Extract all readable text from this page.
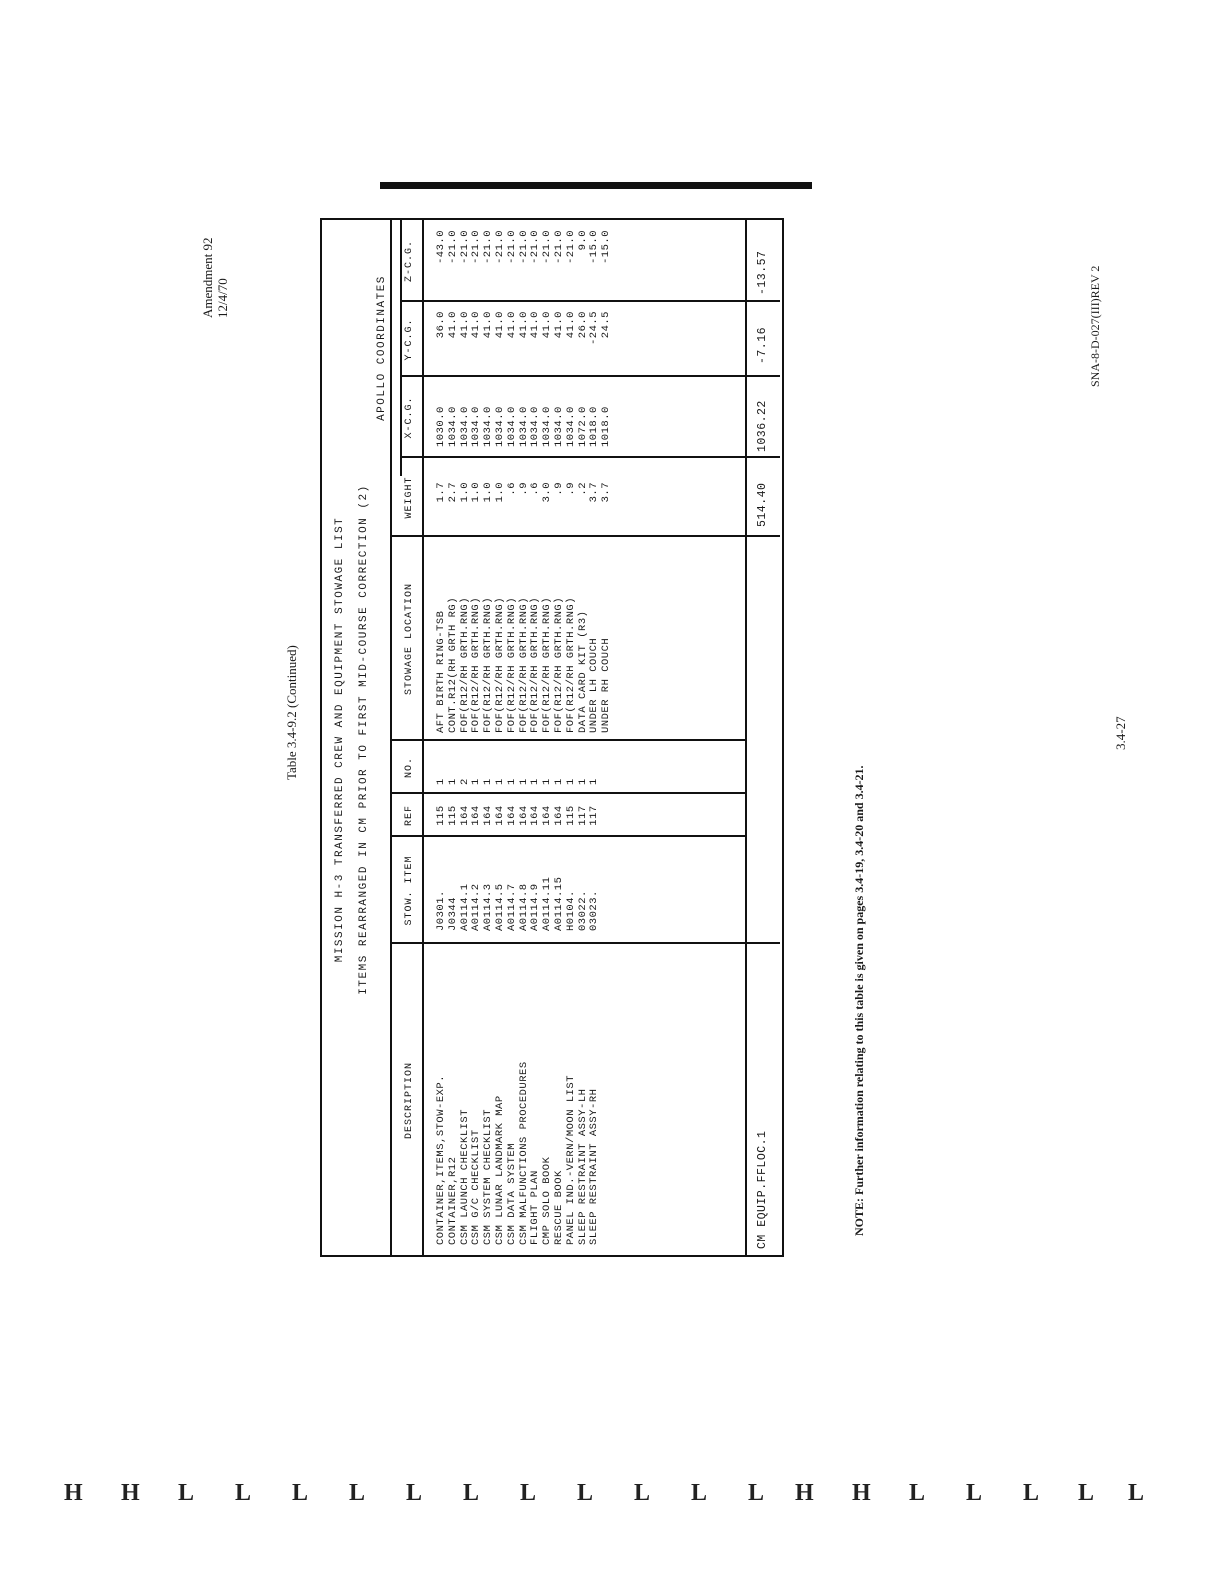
Amendment 92 12/4/70	SNA-8-D-027(III)REV 2
3.4-27
Table 3.4-9.2 (Continued)
NOTE: Further information relating to this table is given on pages 3.4-19, 3.4-20 and 3.4-21.
MISSION H-3 TRANSFERRED CREW AND EQUIPMENT STOWAGE LIST ITEMS REARRANGED IN CM PRIOR TO FIRST MID-COURSE CORRECTION (2)
APOLLO COORDINATES
DESCRIPTION
STOW. ITEM
REF
NO.
STOWAGE LOCATION
WEIGHT
X-C.G.
Y-C.G.
Z-C.G.
CONTAINER,ITEMS,STOW-EXP. CONTAINER,R12 CSM LAUNCH CHECKLIST CSM G/C CHECKLIST CSM SYSTEM CHECKLIST CSM LUNAR LANDMARK MAP CSM DATA SYSTEM CSM MALFUNCTIONS PROCEDURES FLIGHT PLAN CMP SOLO BOOK RESCUE BOOK PANEL IND.-VERN/MOON LIST SLEEP RESTRAINT ASSY-LH SLEEP RESTRAINT ASSY-RH
J0301. J0344 A0114.1 A0114.2 A0114.3 A0114.5 A0114.7 A0114.8 A0114.9 A0114.11 A0114.15 H0104. 03022. 03023.
115 115 164 164 164 164 164 164 164 164 164 115 117 117
1 1 2 1 1 1 1 1 1 1 1 1 1 1
AFT BIRTH RING-TSB CONT.R12(RH GRTH RG) FOF(R12/RH GRTH.RNG) FOF(R12/RH GRTH.RNG) FOF(R12/RH GRTH.RNG) FOF(R12/RH GRTH.RNG) FOF(R12/RH GRTH.RNG) FOF(R12/RH GRTH.RNG) FOF(R12/RH GRTH.RNG) FOF(R12/RH GRTH.RNG) FOF(R12/RH GRTH.RNG) FOF(R12/RH GRTH.RNG) DATA CARD KIT (R3) UNDER LH COUCH UNDER RH COUCH
1.7 2.7 1.0 1.0 1.0 1.0 .6 .9 .6 3.0 .9 .9 .2 3.7 3.7
1030.0 1034.0 1034.0 1034.0 1034.0 1034.0 1034.0 1034.0 1034.0 1034.0 1034.0 1034.0 1072.0 1018.0 1018.0
36.0 41.0 41.0 41.0 41.0 41.0 41.0 41.0 41.0 41.0 41.0 41.0 26.0 -24.5 24.5
-43.0 -21.0 -21.0 -21.0 -21.0 -21.0 -21.0 -21.0 -21.0 -21.0 -21.0 -21.0 9.0 -15.0 -15.0
CM EQUIP.FFLOC.1
514.40
1036.22
-7.16
-13.57
H H L L L L L L L L L L L H H L L L L L
